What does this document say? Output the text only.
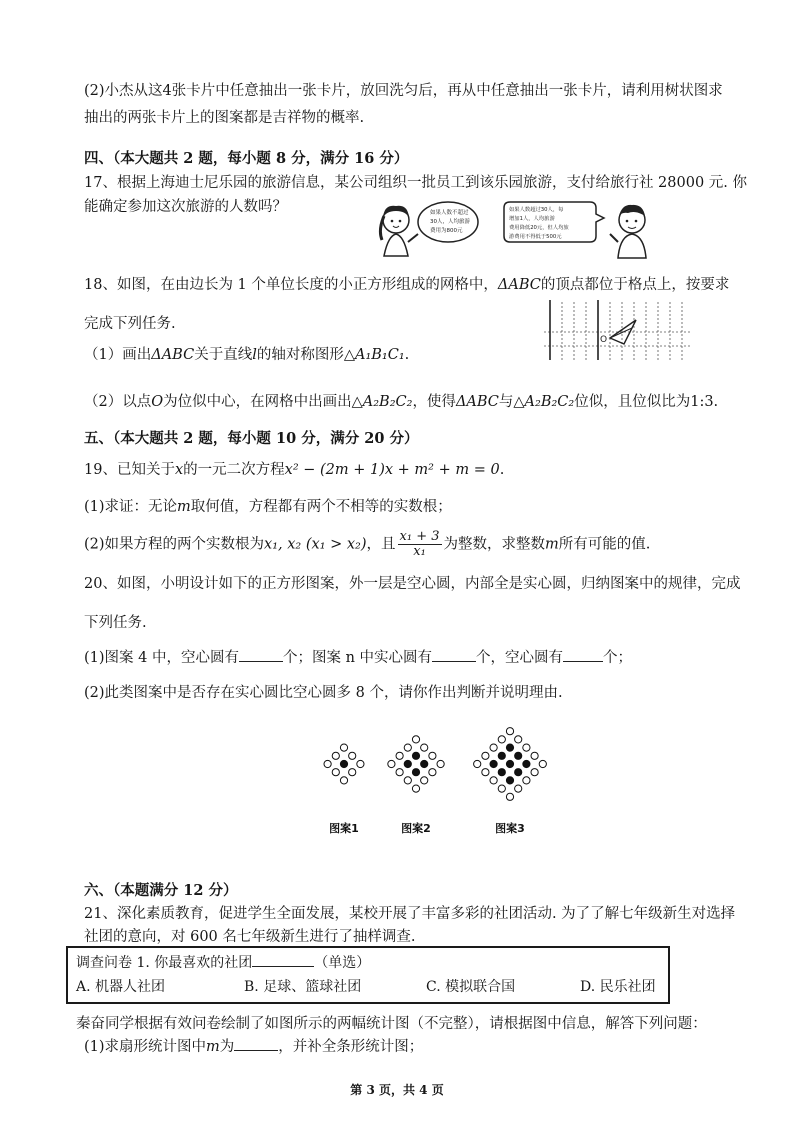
(2)小杰从这4张卡片中任意抽出一张卡片，放回洗匀后，再从中任意抽出一张卡片，请利用树状图求
抽出的两张卡片上的图案都是吉祥物的概率.
四、（本大题共 2 题，每小题 8 分，满分 16 分）
17、根据上海迪士尼乐园的旅游信息，某公司组织一批员工到该乐园旅游，支付给旅行社 28000 元. 你
能确定参加这次旅游的人数吗？	如果人数不超过
30人，人均旅游
费用为800元
如果人数超过30人，每
增加1人，人均旅游
费用降低20元，但人均旅
游费用不得低于500元
18、如图，在由边长为 1 个单位长度的小正方形组成的网格中，ΔABC的顶点都位于格点上，按要求
完成下列任务.
O
（1）画出ΔABC关于直线l的轴对称图形△A₁B₁C₁.
（2）以点O为位似中心，在网格中出画出△A₂B₂C₂，使得ΔABC与△A₂B₂C₂位似，且位似比为1:3.
五、（本大题共 2 题，每小题 10 分，满分 20 分）
19、已知关于x的一元二次方程x² − (2m + 1)x + m² + m = 0.
(1)求证：无论m取何值，方程都有两个不相等的实数根；
(2)如果方程的两个实数根为x₁, x₂ (x₁ > x₂)，且 $\frac{\text{x₁ + 3}}{\text{x₁}}$ 为整数，求整数m所有可能的值.
20、如图，小明设计如下的正方形图案，外一层是空心圆，内部全是实心圆，归纳图案中的规律，完成
下列任务.
(1)图案 4 中，空心圆有	个；图案 n 中实心圆有	个，空心圆有	个；
(2)此类图案中是否存在实心圆比空心圆多 8 个，请你作出判断并说明理由.
图案1	图案2	图案3
六、（本题满分 12 分）
21、深化素质教育，促进学生全面发展，某校开展了丰富多彩的社团活动. 为了了解七年级新生对选择
社团的意向，对 600 名七年级新生进行了抽样调查.
调查问卷 1. 你最喜欢的社团	（单选）
A. 机器人社团	B. 足球、篮球社团	C. 模拟联合国	D. 民乐社团
秦奋同学根据有效问卷绘制了如图所示的两幅统计图（不完整），请根据图中信息，解答下列问题：
(1)求扇形统计图中m为	，并补全条形统计图；
第 3 页，共 4 页
